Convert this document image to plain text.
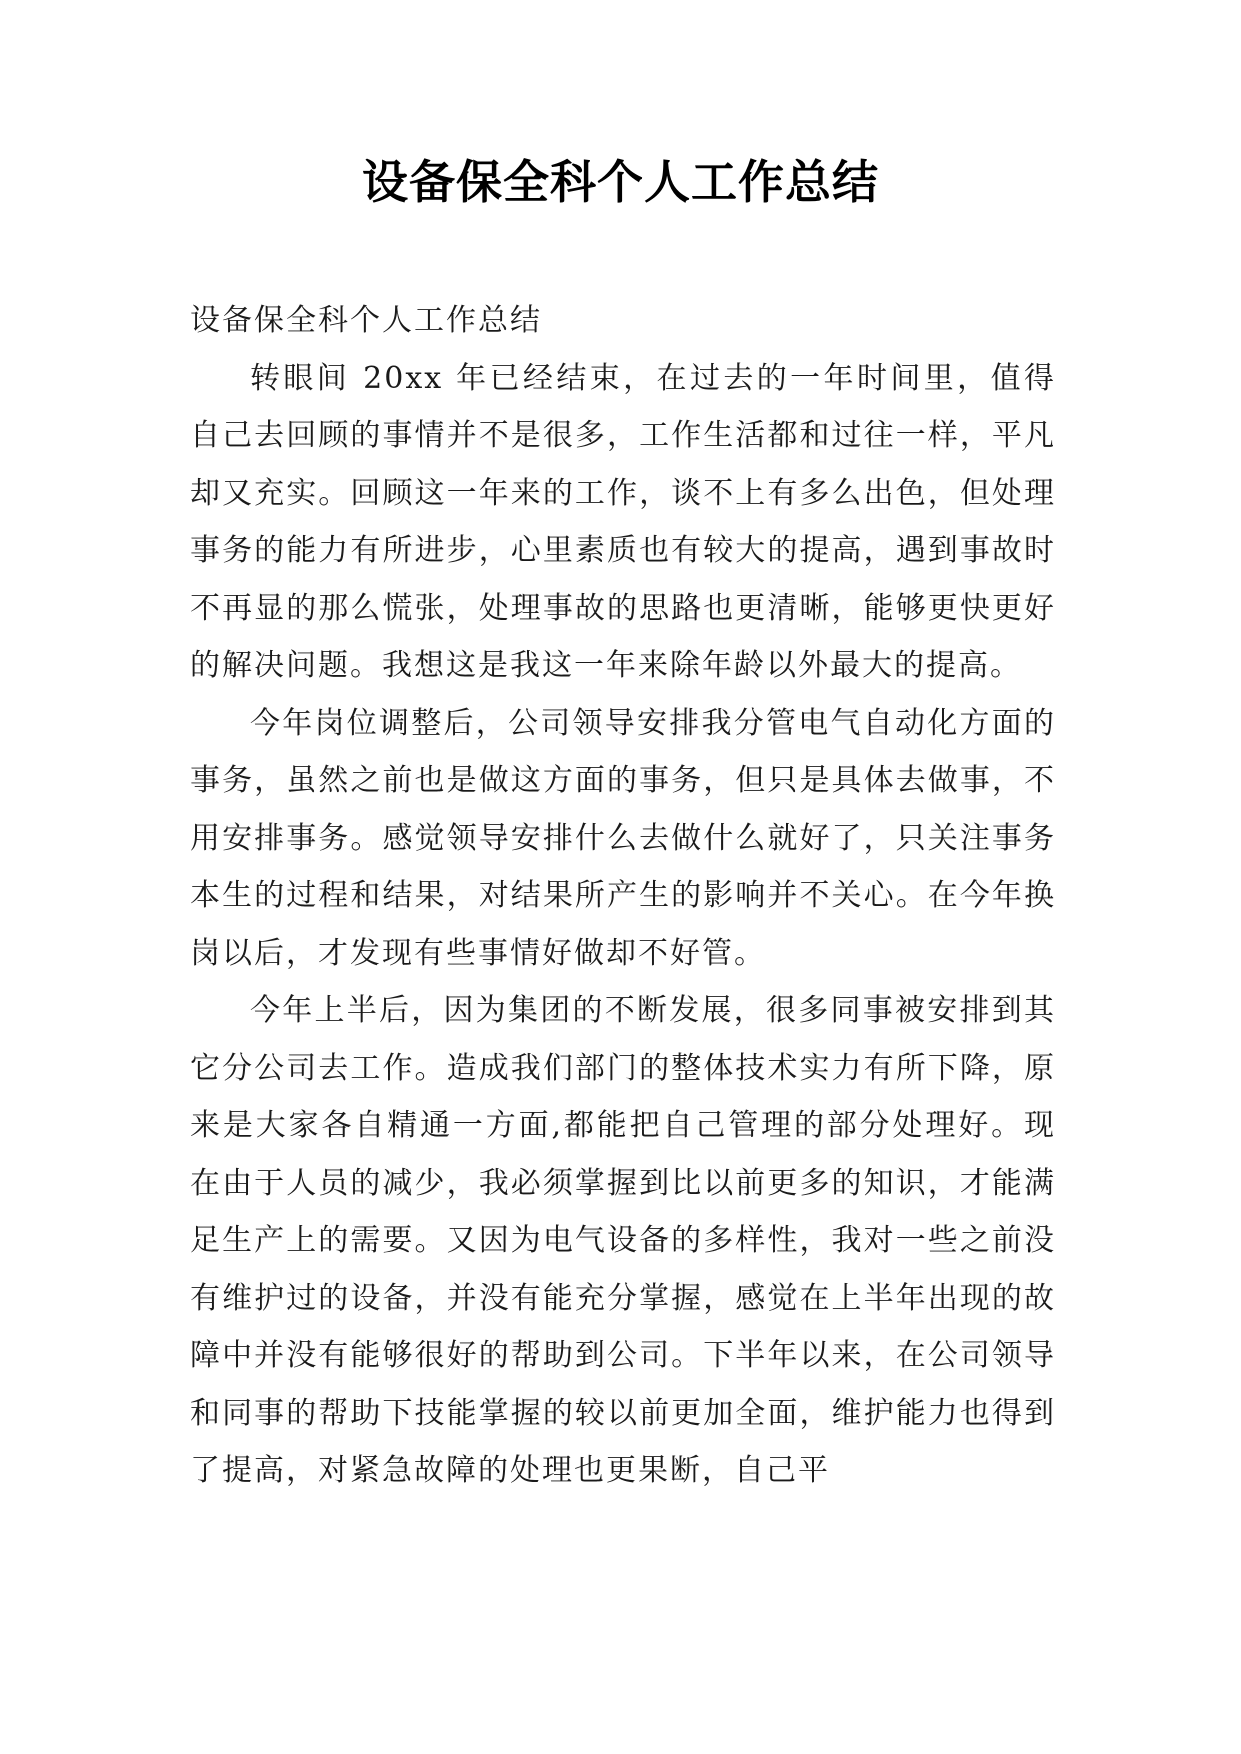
设备保全科个人工作总结

设备保全科个人工作总结

转眼间 20xx 年已经结束，在过去的一年时间里，值得自己去回顾的事情并不是很多，工作生活都和过往一样，平凡却又充实。回顾这一年来的工作，谈不上有多么出色，但处理事务的能力有所进步，心里素质也有较大的提高，遇到事故时不再显的那么慌张，处理事故的思路也更清晰，能够更快更好的解决问题。我想这是我这一年来除年龄以外最大的提高。

今年岗位调整后，公司领导安排我分管电气自动化方面的事务，虽然之前也是做这方面的事务，但只是具体去做事，不用安排事务。感觉领导安排什么去做什么就好了，只关注事务本生的过程和结果，对结果所产生的影响并不关心。在今年换岗以后，才发现有些事情好做却不好管。

今年上半后，因为集团的不断发展，很多同事被安排到其它分公司去工作。造成我们部门的整体技术实力有所下降，原来是大家各自精通一方面,都能把自己管理的部分处理好。现在由于人员的减少，我必须掌握到比以前更多的知识，才能满足生产上的需要。又因为电气设备的多样性，我对一些之前没有维护过的设备，并没有能充分掌握，感觉在上半年出现的故障中并没有能够很好的帮助到公司。下半年以来，在公司领导和同事的帮助下技能掌握的较以前更加全面，维护能力也得到了提高，对紧急故障的处理也更果断，自己平
